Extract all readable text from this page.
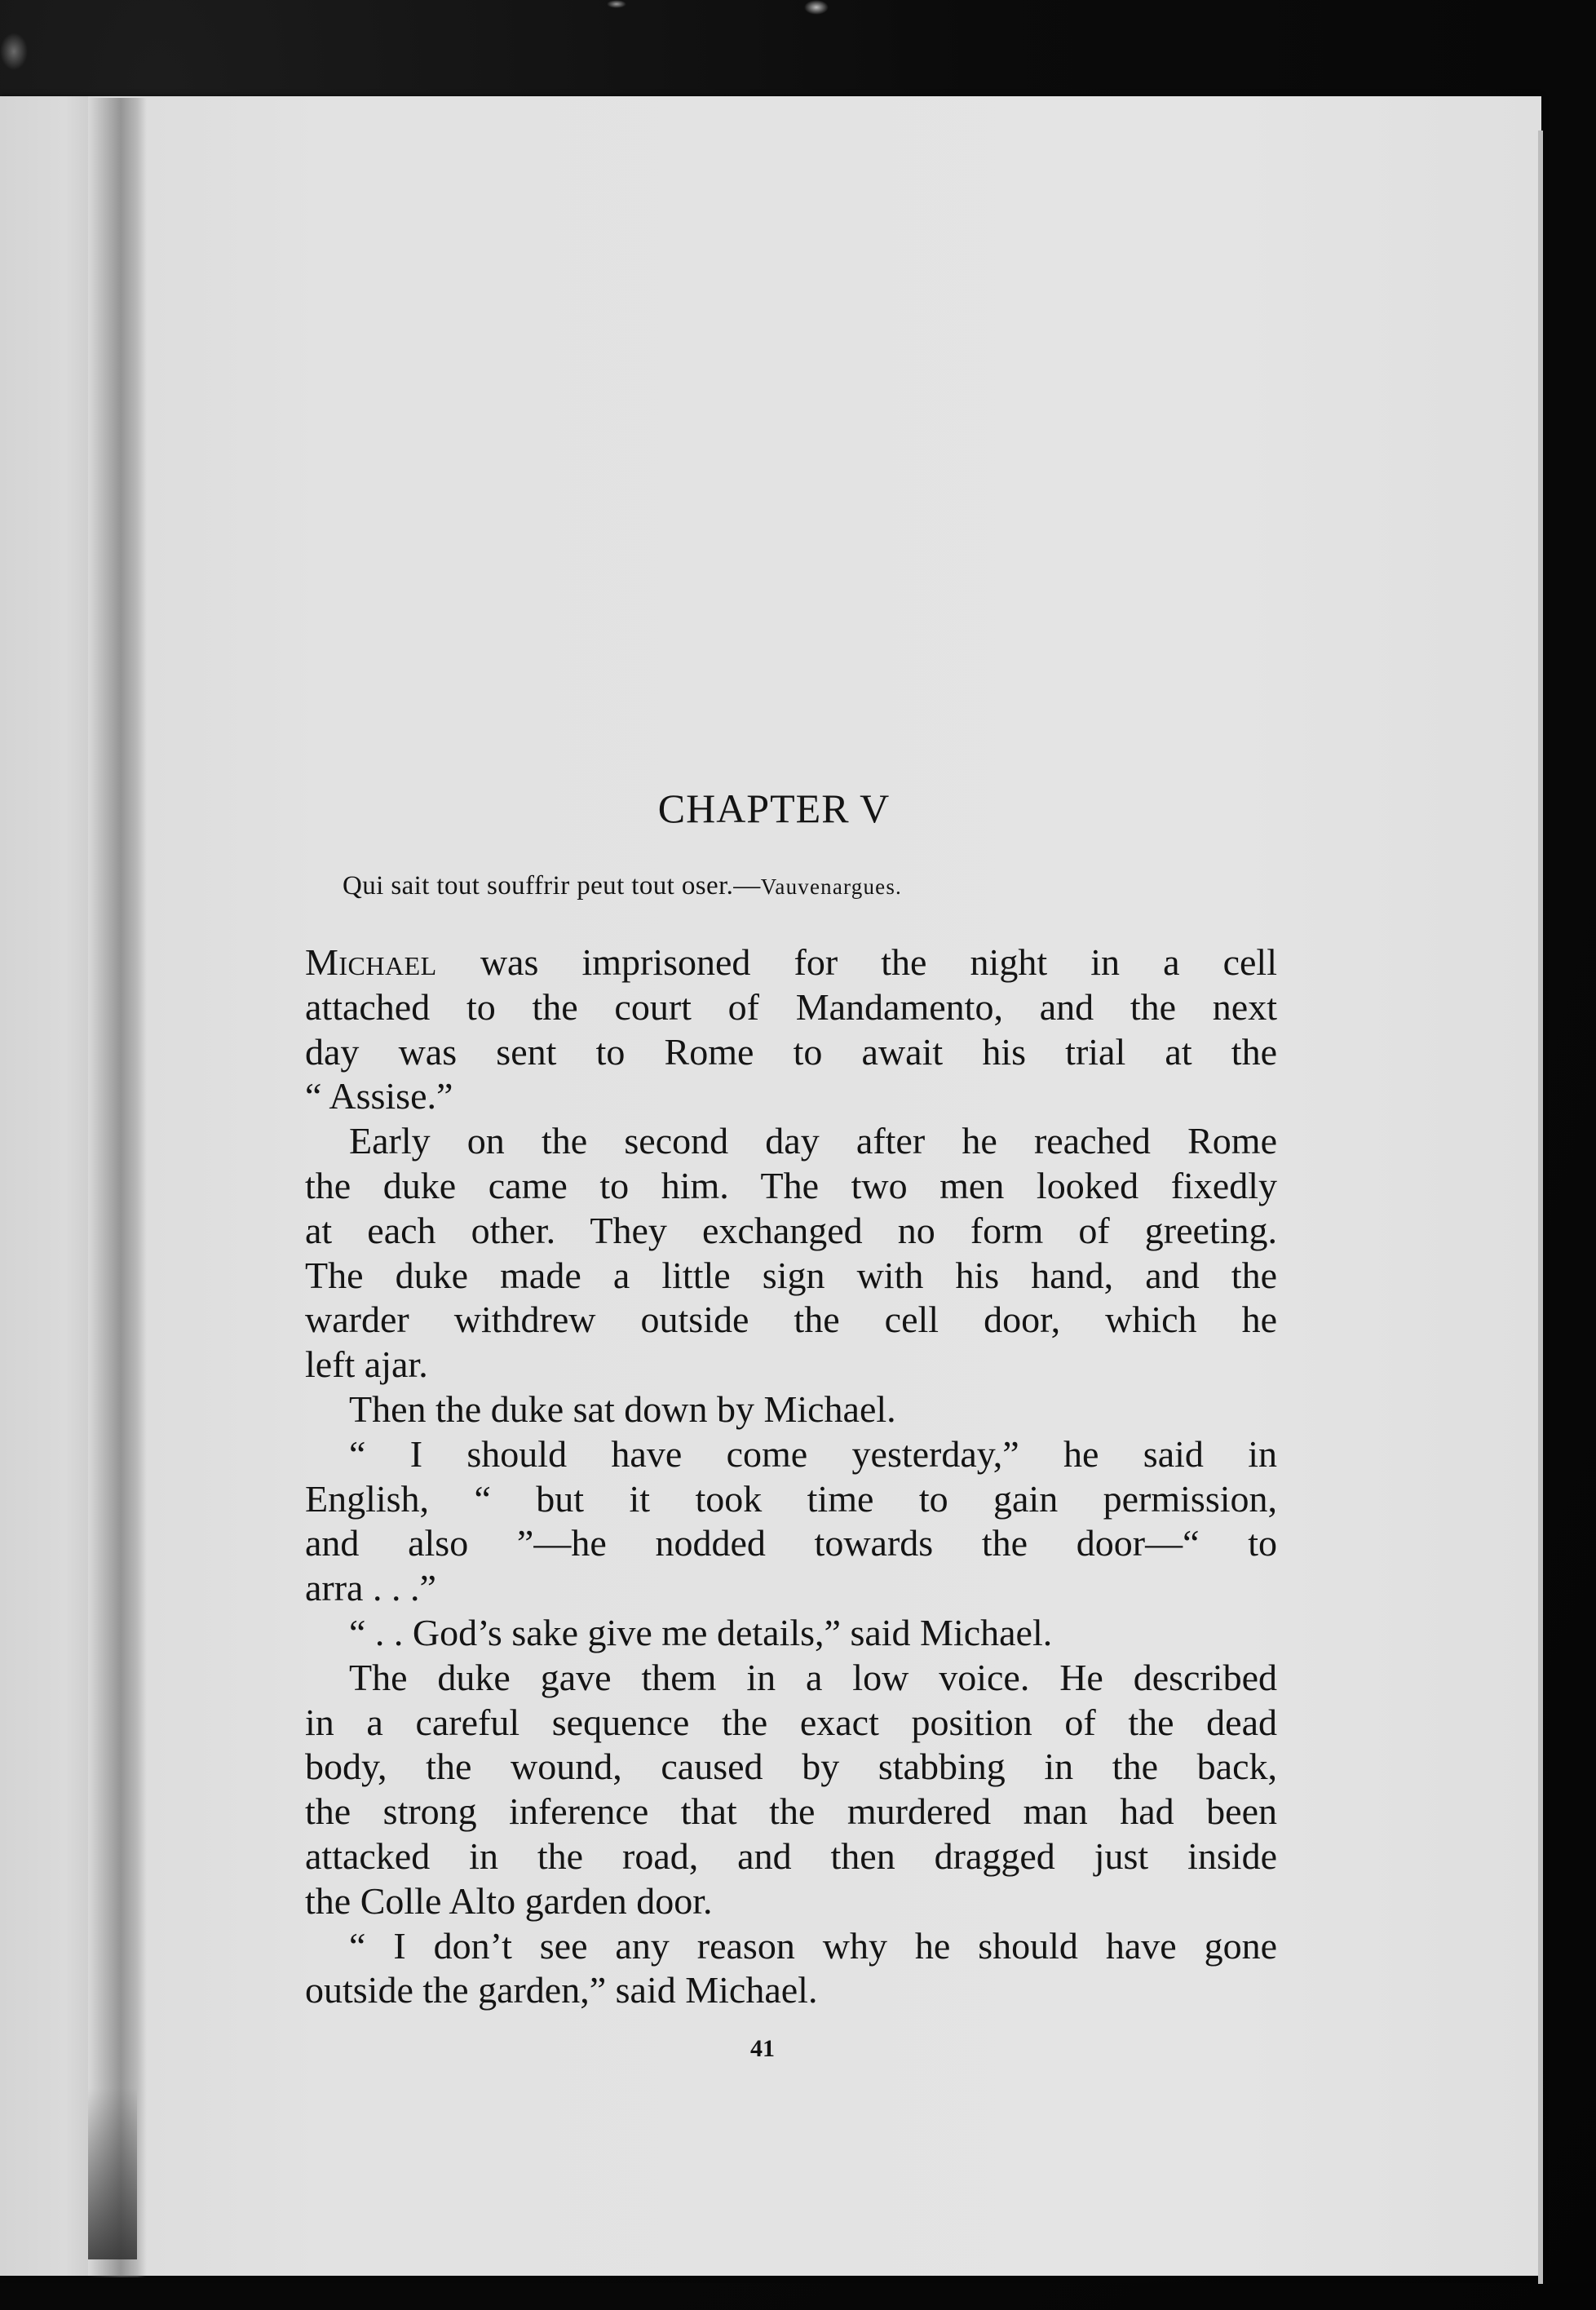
CHAPTER V
Qui sait tout souffrir peut tout oser.—Vauvenargues.
Michael was imprisoned for the night in a cell
attached to the court of Mandamento, and the next
day was sent to Rome to await his trial at the
“ Assise.”
Early on the second day after he reached Rome
the duke came to him. The two men looked fixedly
at each other. They exchanged no form of greeting.
The duke made a little sign with his hand, and the
warder withdrew outside the cell door, which he
left ajar.
Then the duke sat down by Michael.
“ I should have come yesterday,” he said in
English, “ but it took time to gain permission,
and also ”—he nodded towards the door—“ to
arra . . .”
“ . . God’s sake give me details,” said Michael.
The duke gave them in a low voice. He described
in a careful sequence the exact position of the dead
body, the wound, caused by stabbing in the back,
the strong inference that the murdered man had been
attacked in the road, and then dragged just inside
the Colle Alto garden door.
“ I don’t see any reason why he should have gone
outside the garden,” said Michael.
41
